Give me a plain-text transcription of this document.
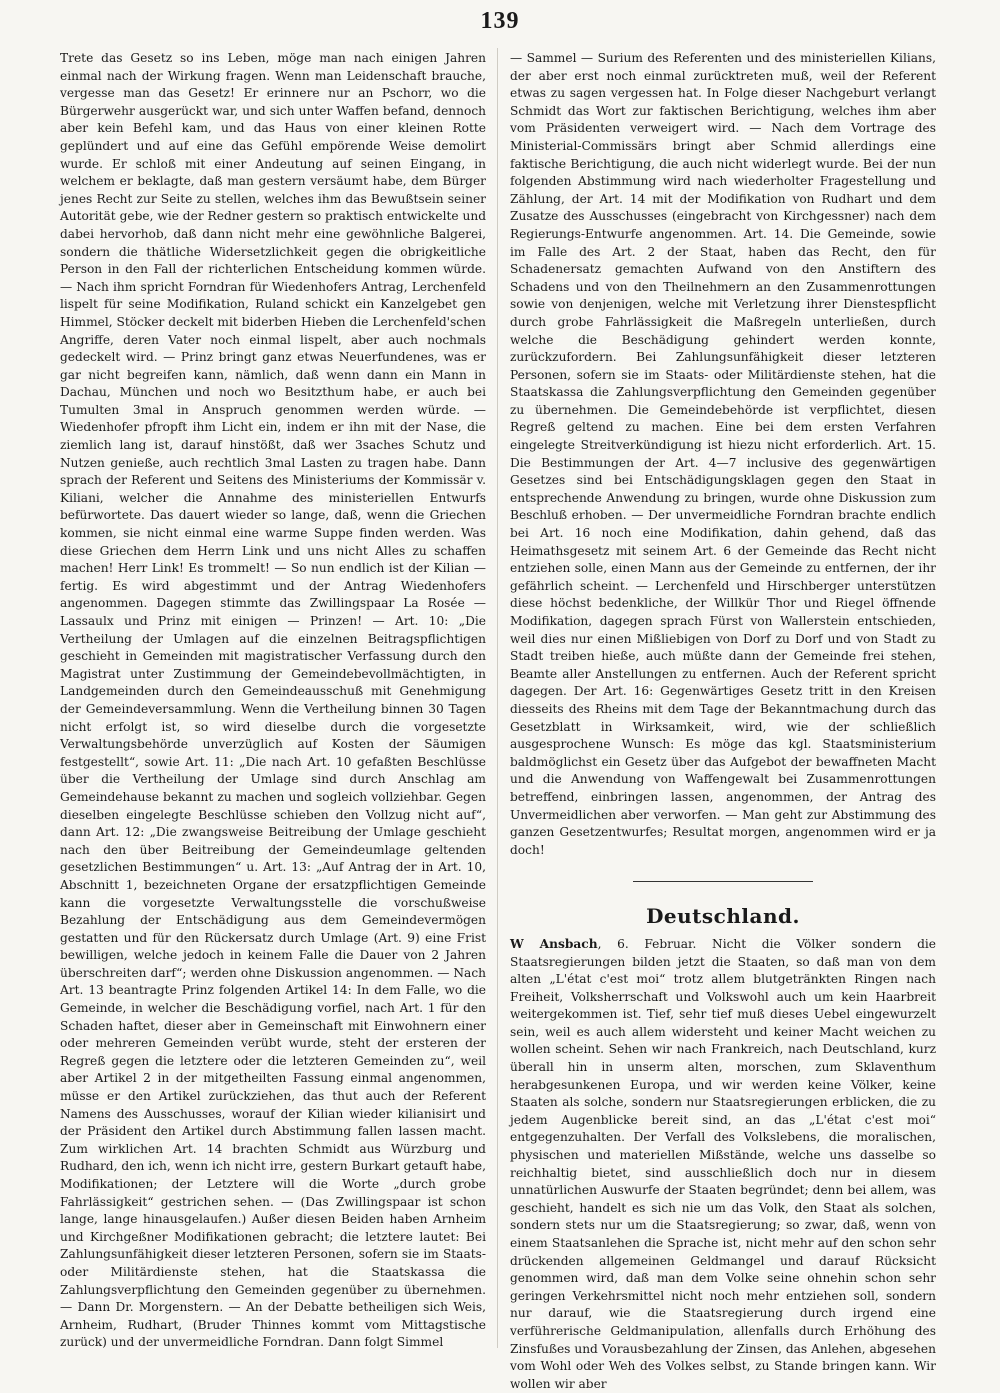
139

Trete das Gesetz so ins Leben, möge man nach einigen Jahren einmal nach der Wirkung fragen. Wenn man Leidenschaft brauche, vergesse man das Gesetz! Er erinnere nur an Pschorr, wo die Bürgerwehr ausgerückt war, und sich unter Waffen befand, dennoch aber kein Befehl kam, und das Haus von einer kleinen Rotte geplündert und auf eine das Gefühl empörende Weise demolirt wurde. Er schloß mit einer Andeutung auf seinen Eingang, in welchem er beklagte, daß man gestern versäumt habe, dem Bürger jenes Recht zur Seite zu stellen, welches ihm das Bewußtsein seiner Autorität gebe, wie der Redner gestern so praktisch entwickelte und dabei hervorhob, daß dann nicht mehr eine gewöhnliche Balgerei, sondern die thätliche Widersetzlichkeit gegen die obrigkeitliche Person in den Fall der richterlichen Entscheidung kommen würde. — Nach ihm spricht Forndran für Wiedenhofers Antrag, Lerchenfeld lispelt für seine Modifikation, Ruland schickt ein Kanzelgebet gen Himmel, Stöcker deckelt mit biderben Hieben die Lerchenfeld'schen Angriffe, deren Vater noch einmal lispelt, aber auch nochmals gedeckelt wird. — Prinz bringt ganz etwas Neuerfundenes, was er gar nicht begreifen kann, nämlich, daß wenn dann ein Mann in Dachau, München und noch wo Besitzthum habe, er auch bei Tumulten 3mal in Anspruch genommen werden würde. — Wiedenhofer pfropft ihm Licht ein, indem er ihn mit der Nase, die ziemlich lang ist, darauf hinstößt, daß wer 3saches Schutz und Nutzen genieße, auch rechtlich 3mal Lasten zu tragen habe. Dann sprach der Referent und Seitens des Ministeriums der Kommissär v. Kiliani, welcher die Annahme des ministeriellen Entwurfs befürwortete. Das dauert wieder so lange, daß, wenn die Griechen kommen, sie nicht einmal eine warme Suppe finden werden. Was diese Griechen dem Herrn Link und uns nicht Alles zu schaffen machen! Herr Link! Es trommelt! — So nun endlich ist der Kilian — fertig. Es wird abgestimmt und der Antrag Wiedenhofers angenommen. Dagegen stimmte das Zwillingspaar La Rosée — Lassaulx und Prinz mit einigen — Prinzen! — Art. 10: „Die Vertheilung der Umlagen auf die einzelnen Beitragspflichtigen geschieht in Gemeinden mit magistratischer Verfassung durch den Magistrat unter Zustimmung der Gemeindebevollmächtigten, in Landgemeinden durch den Gemeindeausschuß mit Genehmigung der Gemeindeversammlung. Wenn die Vertheilung binnen 30 Tagen nicht erfolgt ist, so wird dieselbe durch die vorgesetzte Verwaltungsbehörde unverzüglich auf Kosten der Säumigen festgestellt“, sowie Art. 11: „Die nach Art. 10 gefaßten Beschlüsse über die Vertheilung der Umlage sind durch Anschlag am Gemeindehause bekannt zu machen und sogleich vollziehbar. Gegen dieselben eingelegte Beschlüsse schieben den Vollzug nicht auf“, dann Art. 12: „Die zwangsweise Beitreibung der Umlage geschieht nach den über Beitreibung der Gemeindeumlage geltenden gesetzlichen Bestimmungen“ u. Art. 13: „Auf Antrag der in Art. 10, Abschnitt 1, bezeichneten Organe der ersatzpflichtigen Gemeinde kann die vorgesetzte Verwaltungsstelle die vorschußweise Bezahlung der Entschädigung aus dem Gemeindevermögen gestatten und für den Rückersatz durch Umlage (Art. 9) eine Frist bewilligen, welche jedoch in keinem Falle die Dauer von 2 Jahren überschreiten darf“; werden ohne Diskussion angenommen. — Nach Art. 13 beantragte Prinz folgenden Artikel 14: In dem Falle, wo die Gemeinde, in welcher die Beschädigung vorfiel, nach Art. 1 für den Schaden haftet, dieser aber in Gemeinschaft mit Einwohnern einer oder mehreren Gemeinden verübt wurde, steht der ersteren der Regreß gegen die letztere oder die letzteren Gemeinden zu“, weil aber Artikel 2 in der mitgetheilten Fassung einmal angenommen, müsse er den Artikel zurückziehen, das thut auch der Referent Namens des Ausschusses, worauf der Kilian wieder kilianisirt und der Präsident den Artikel durch Abstimmung fallen lassen macht. Zum wirklichen Art. 14 brachten Schmidt aus Würzburg und Rudhard, den ich, wenn ich nicht irre, gestern Burkart getauft habe, Modifikationen; der Letztere will die Worte „durch grobe Fahrlässigkeit“ gestrichen sehen. — (Das Zwillingspaar ist schon lange, lange hinausgelaufen.) Außer diesen Beiden haben Arnheim und Kirchgeßner Modifikationen gebracht; die letztere lautet: Bei Zahlungsunfähigkeit dieser letzteren Personen, sofern sie im Staats- oder Militärdienste stehen, hat die Staatskassa die Zahlungsverpflichtung den Gemeinden gegenüber zu übernehmen. — Dann Dr. Morgenstern. — An der Debatte betheiligen sich Weis, Arnheim, Rudhart, (Bruder Thinnes kommt vom Mittagstische zurück) und der unvermeidliche Forndran. Dann folgt Simmel

— Sammel — Surium des Referenten und des ministeriellen Kilians, der aber erst noch einmal zurücktreten muß, weil der Referent etwas zu sagen vergessen hat. In Folge dieser Nachgeburt verlangt Schmidt das Wort zur faktischen Berichtigung, welches ihm aber vom Präsidenten verweigert wird. — Nach dem Vortrage des Ministerial-Commissärs bringt aber Schmid allerdings eine faktische Berichtigung, die auch nicht widerlegt wurde. Bei der nun folgenden Abstimmung wird nach wiederholter Fragestellung und Zählung, der Art. 14 mit der Modifikation von Rudhart und dem Zusatze des Ausschusses (eingebracht von Kirchgessner) nach dem Regierungs-Entwurfe angenommen. Art. 14. Die Gemeinde, sowie im Falle des Art. 2 der Staat, haben das Recht, den für Schadenersatz gemachten Aufwand von den Anstiftern des Schadens und von den Theilnehmern an den Zusammenrottungen sowie von denjenigen, welche mit Verletzung ihrer Dienstespflicht durch grobe Fahrlässigkeit die Maßregeln unterließen, durch welche die Beschädigung gehindert werden konnte, zurückzufordern. Bei Zahlungsunfähigkeit dieser letzteren Personen, sofern sie im Staats- oder Militärdienste stehen, hat die Staatskassa die Zahlungsverpflichtung den Gemeinden gegenüber zu übernehmen. Die Gemeindebehörde ist verpflichtet, diesen Regreß geltend zu machen. Eine bei dem ersten Verfahren eingelegte Streitverkündigung ist hiezu nicht erforderlich. Art. 15. Die Bestimmungen der Art. 4—7 inclusive des gegenwärtigen Gesetzes sind bei Entschädigungsklagen gegen den Staat in entsprechende Anwendung zu bringen, wurde ohne Diskussion zum Beschluß erhoben. — Der unvermeidliche Forndran brachte endlich bei Art. 16 noch eine Modifikation, dahin gehend, daß das Heimathsgesetz mit seinem Art. 6 der Gemeinde das Recht nicht entziehen solle, einen Mann aus der Gemeinde zu entfernen, der ihr gefährlich scheint. — Lerchenfeld und Hirschberger unterstützen diese höchst bedenkliche, der Willkür Thor und Riegel öffnende Modifikation, dagegen sprach Fürst von Wallerstein entschieden, weil dies nur einen Mißliebigen von Dorf zu Dorf und von Stadt zu Stadt treiben hieße, auch müßte dann der Gemeinde frei stehen, Beamte aller Anstellungen zu entfernen. Auch der Referent spricht dagegen. Der Art. 16: Gegenwärtiges Gesetz tritt in den Kreisen diesseits des Rheins mit dem Tage der Bekanntmachung durch das Gesetzblatt in Wirksamkeit, wird, wie der schließlich ausgesprochene Wunsch: Es möge das kgl. Staatsministerium baldmöglichst ein Gesetz über das Aufgebot der bewaffneten Macht und die Anwendung von Waffengewalt bei Zusammenrottungen betreffend, einbringen lassen, angenommen, der Antrag des Unvermeidlichen aber verworfen. — Man geht zur Abstimmung des ganzen Gesetzentwurfes; Resultat morgen, angenommen wird er ja doch!

Deutschland.

W Ansbach, 6. Februar. Nicht die Völker sondern die Staatsregierungen bilden jetzt die Staaten, so daß man von dem alten „L'état c'est moi“ trotz allem blutgetränkten Ringen nach Freiheit, Volksherrschaft und Volkswohl auch um kein Haarbreit weitergekommen ist. Tief, sehr tief muß dieses Uebel eingewurzelt sein, weil es auch allem widersteht und keiner Macht weichen zu wollen scheint. Sehen wir nach Frankreich, nach Deutschland, kurz überall hin in unserm alten, morschen, zum Sklaventhum herabgesunkenen Europa, und wir werden keine Völker, keine Staaten als solche, sondern nur Staatsregierungen erblicken, die zu jedem Augenblicke bereit sind, an das „L'état c'est moi“ entgegenzuhalten. Der Verfall des Volkslebens, die moralischen, physischen und materiellen Mißstände, welche uns dasselbe so reichhaltig bietet, sind ausschließlich doch nur in diesem unnatürlichen Auswurfe der Staaten begründet; denn bei allem, was geschieht, handelt es sich nie um das Volk, den Staat als solchen, sondern stets nur um die Staatsregierung; so zwar, daß, wenn von einem Staatsanlehen die Sprache ist, nicht mehr auf den schon sehr drückenden allgemeinen Geldmangel und darauf Rücksicht genommen wird, daß man dem Volke seine ohnehin schon sehr geringen Verkehrsmittel nicht noch mehr entziehen soll, sondern nur darauf, wie die Staatsregierung durch irgend eine verführerische Geldmanipulation, allenfalls durch Erhöhung des Zinsfußes und Vorausbezahlung der Zinsen, das Anlehen, abgesehen vom Wohl oder Weh des Volkes selbst, zu Stande bringen kann. Wir wollen wir aber
